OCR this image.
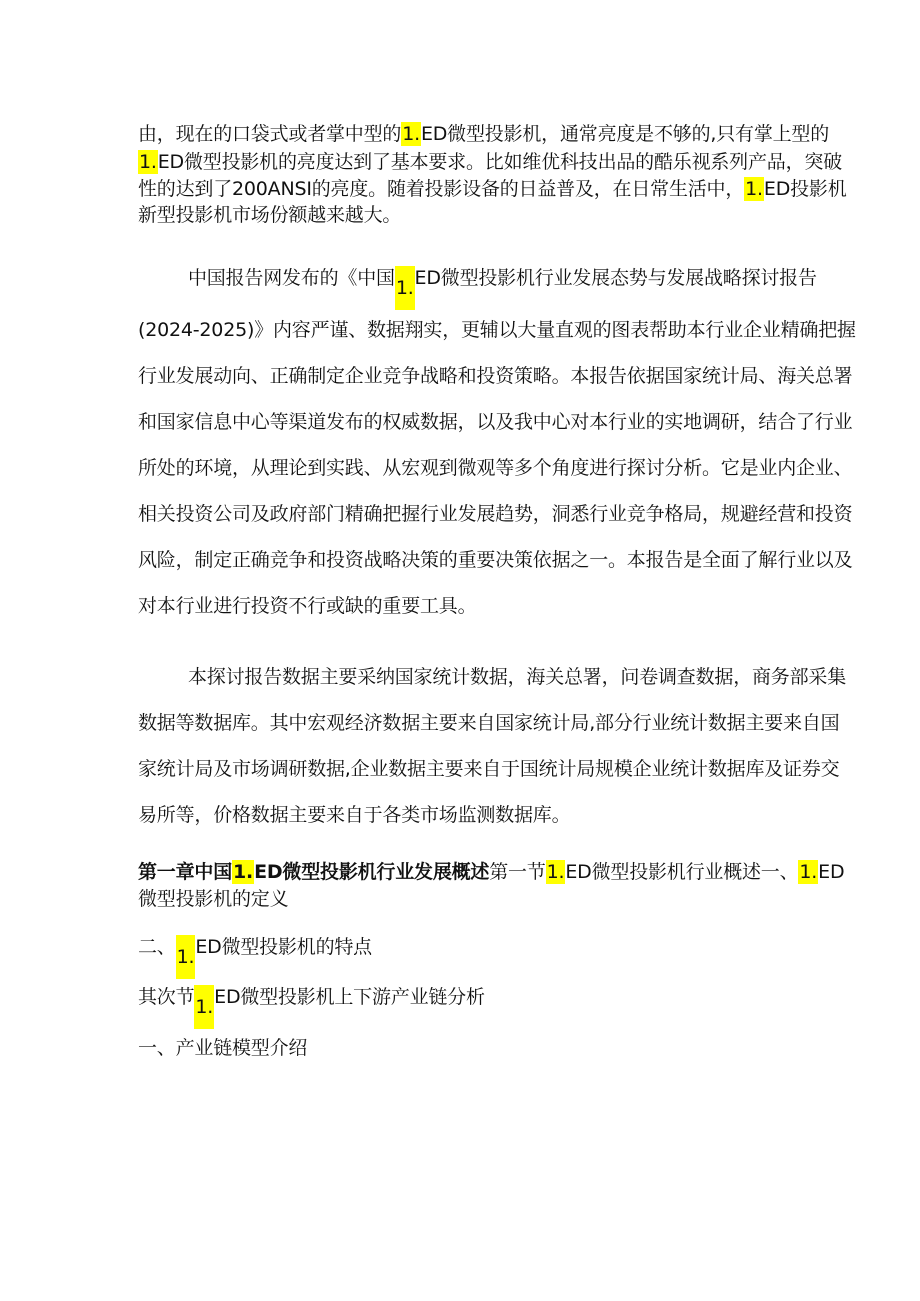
由，现在的口袋式或者掌中型的1.ED微型投影机，通常亮度是不够的,只有掌上型的
1.ED微型投影机的亮度达到了基本要求。比如维优科技出品的酷乐视系列产品，突破
性的达到了200ANSI的亮度。随着投影设备的日益普及，在日常生活中，1.ED投影机
新型投影机市场份额越来越大。
中国报告网发布的《中国1.ED微型投影机行业发展态势与发展战略探讨报告
(2024-2025)》内容严谨、数据翔实，更辅以大量直观的图表帮助本行业企业精确把握
行业发展动向、正确制定企业竞争战略和投资策略。本报告依据国家统计局、海关总署
和国家信息中心等渠道发布的权威数据，以及我中心对本行业的实地调研，结合了行业
所处的环境，从理论到实践、从宏观到微观等多个角度进行探讨分析。它是业内企业、
相关投资公司及政府部门精确把握行业发展趋势，洞悉行业竞争格局，规避经营和投资
风险，制定正确竞争和投资战略决策的重要决策依据之一。本报告是全面了解行业以及
对本行业进行投资不行或缺的重要工具。
本探讨报告数据主要采纳国家统计数据，海关总署，问卷调查数据，商务部采集
数据等数据库。其中宏观经济数据主要来自国家统计局,部分行业统计数据主要来自国
家统计局及市场调研数据,企业数据主要来自于国统计局规模企业统计数据库及证券交
易所等，价格数据主要来自于各类市场监测数据库。
第一章中国1.ED微型投影机行业发展概述第一节1.ED微型投影机行业概述一、1.ED
微型投影机的定义
二、1.ED微型投影机的特点
其次节1.ED微型投影机上下游产业链分析
一、产业链模型介绍
